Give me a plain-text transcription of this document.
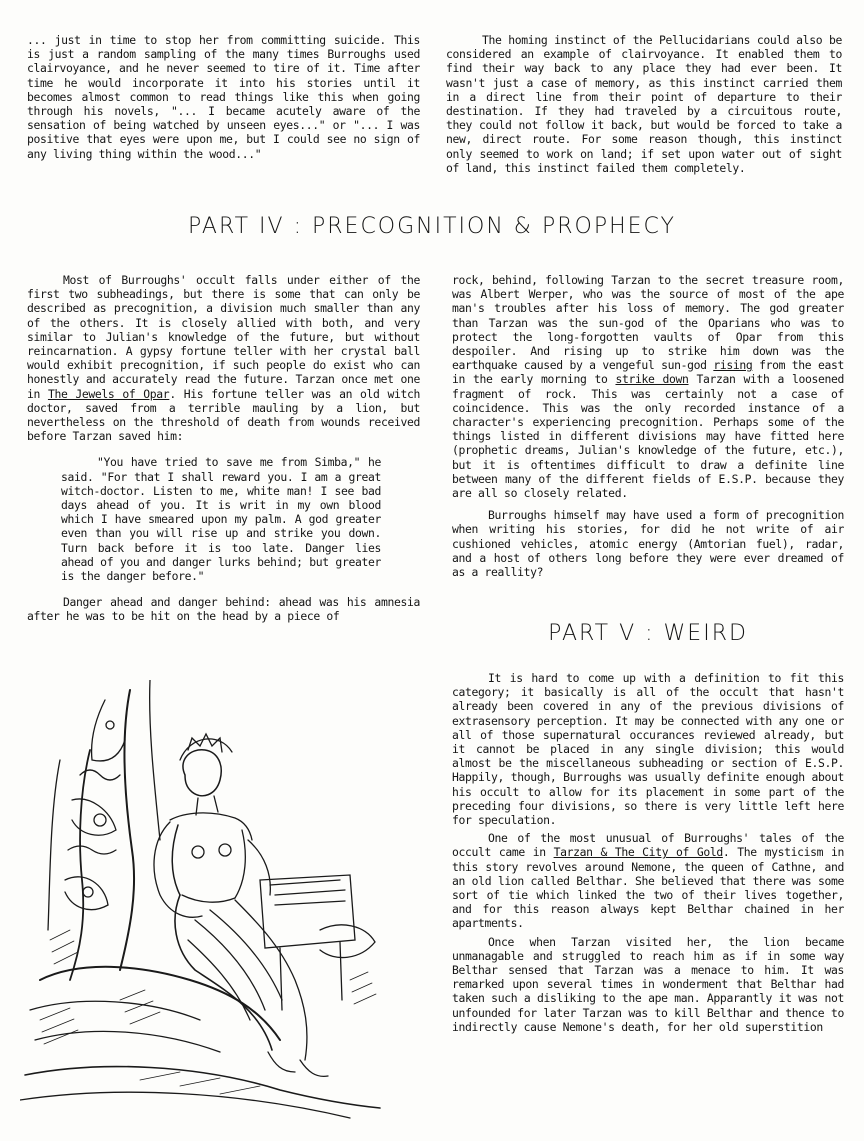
... just in time to stop her from committing suicide. This is just a random sampling of the many times Burroughs used clairvoyance, and he never seemed to tire of it. Time after time he would incorporate it into his stories until it becomes almost common to read things like this when going through his novels, "... I became acutely aware of the sensation of being watched by unseen eyes..." or "... I was positive that eyes were upon me, but I could see no sign of any living thing within the wood..."

The homing instinct of the Pellucidarians could also be considered an example of clairvoyance. It enabled them to find their way back to any place they had ever been. It wasn't just a case of memory, as this instinct carried them in a direct line from their point of departure to their destination. If they had traveled by a circuitous route, they could not follow it back, but would be forced to take a new, direct route. For some reason though, this instinct only seemed to work on land; if set upon water out of sight of land, this instinct failed them completely.

PART IV : PRECOGNITION & PROPHECY

Most of Burroughs' occult falls under either of the first two subheadings, but there is some that can only be described as precognition, a division much smaller than any of the others. It is closely allied with both, and very similar to Julian's knowledge of the future, but without reincarnation. A gypsy fortune teller with her crystal ball would exhibit precognition, if such people do exist who can honestly and accurately read the future. Tarzan once met one in The Jewels of Opar. His fortune teller was an old witch doctor, saved from a terrible mauling by a lion, but nevertheless on the threshold of death from wounds received before Tarzan saved him:

"You have tried to save me from Simba," he said. "For that I shall reward you. I am a great witch-doctor. Listen to me, white man! I see bad days ahead of you. It is writ in my own blood which I have smeared upon my palm. A god greater even than you will rise up and strike you down. Turn back before it is too late. Danger lies ahead of you and danger lurks behind; but greater is the danger before."

Danger ahead and danger behind: ahead was his amnesia after he was to be hit on the head by a piece of

rock, behind, following Tarzan to the secret treasure room, was Albert Werper, who was the source of most of the ape man's troubles after his loss of memory. The god greater than Tarzan was the sun-god of the Oparians who was to protect the long-forgotten vaults of Opar from this despoiler. And rising up to strike him down was the earthquake caused by a vengeful sun-god rising from the east in the early morning to strike down Tarzan with a loosened fragment of rock. This was certainly not a case of coincidence. This was the only recorded instance of a character's experiencing precognition. Perhaps some of the things listed in different divisions may have fitted here (prophetic dreams, Julian's knowledge of the future, etc.), but it is oftentimes difficult to draw a definite line between many of the different fields of E.S.P. because they are all so closely related.

Burroughs himself may have used a form of precognition when writing his stories, for did he not write of air cushioned vehicles, atomic energy (Amtorian fuel), radar, and a host of others long before they were ever dreamed of as a reallity?

PART V : WEIRD

It is hard to come up with a definition to fit this category; it basically is all of the occult that hasn't already been covered in any of the previous divisions of extrasensory perception. It may be connected with any one or all of those supernatural occurances reviewed already, but it cannot be placed in any single division; this would almost be the miscellaneous subheading or section of E.S.P. Happily, though, Burroughs was usually definite enough about his occult to allow for its placement in some part of the preceding four divisions, so there is very little left here for speculation.

One of the most unusual of Burroughs' tales of the occult came in Tarzan & The City of Gold. The mysticism in this story revolves around Nemone, the queen of Cathne, and an old lion called Belthar. She believed that there was some sort of tie which linked the two of their lives together, and for this reason always kept Belthar chained in her apartments.

Once when Tarzan visited her, the lion became unmanagable and struggled to reach him as if in some way Belthar sensed that Tarzan was a menace to him. It was remarked upon several times in wonderment that Belthar had taken such a disliking to the ape man. Apparantly it was not unfounded for later Tarzan was to kill Belthar and thence to indirectly cause Nemone's death, for her old superstition
